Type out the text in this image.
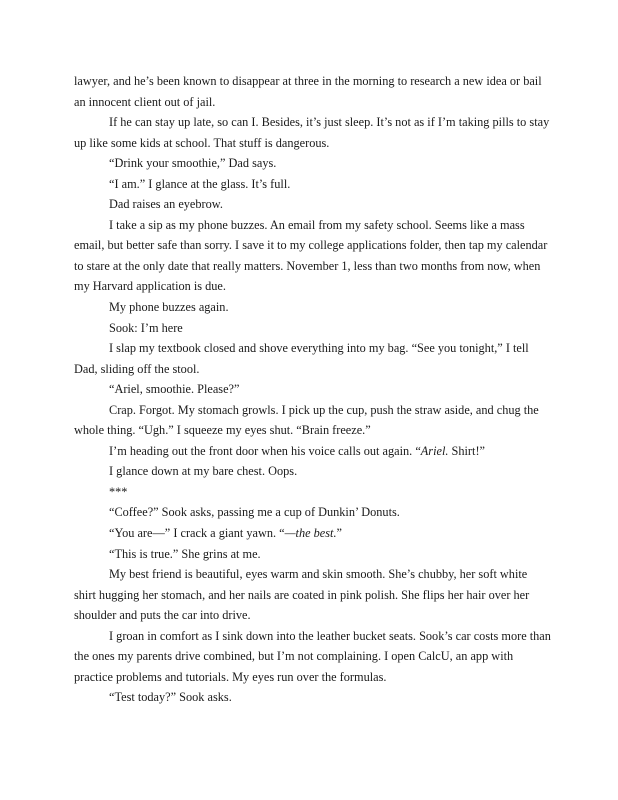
lawyer, and he’s been known to disappear at three in the morning to research a new idea or bail
an innocent client out of jail.
If he can stay up late, so can I. Besides, it’s just sleep. It’s not as if I’m taking pills to stay
up like some kids at school. That stuff is dangerous.
“Drink your smoothie,” Dad says.
“I am.” I glance at the glass. It’s full.
Dad raises an eyebrow.
I take a sip as my phone buzzes. An email from my safety school. Seems like a mass
email, but better safe than sorry. I save it to my college applications folder, then tap my calendar
to stare at the only date that really matters. November 1, less than two months from now, when
my Harvard application is due.
My phone buzzes again.
Sook: I’m here
I slap my textbook closed and shove everything into my bag. “See you tonight,” I tell
Dad, sliding off the stool.
“Ariel, smoothie. Please?”
Crap. Forgot. My stomach growls. I pick up the cup, push the straw aside, and chug the
whole thing. “Ugh.” I squeeze my eyes shut. “Brain freeze.”
I’m heading out the front door when his voice calls out again. “Ariel. Shirt!”
I glance down at my bare chest. Oops.
***
“Coffee?” Sook asks, passing me a cup of Dunkin’ Donuts.
“You are—” I crack a giant yawn. “—the best.”
“This is true.” She grins at me.
My best friend is beautiful, eyes warm and skin smooth. She’s chubby, her soft white
shirt hugging her stomach, and her nails are coated in pink polish. She flips her hair over her
shoulder and puts the car into drive.
I groan in comfort as I sink down into the leather bucket seats. Sook’s car costs more than
the ones my parents drive combined, but I’m not complaining. I open CalcU, an app with
practice problems and tutorials. My eyes run over the formulas.
“Test today?” Sook asks.
